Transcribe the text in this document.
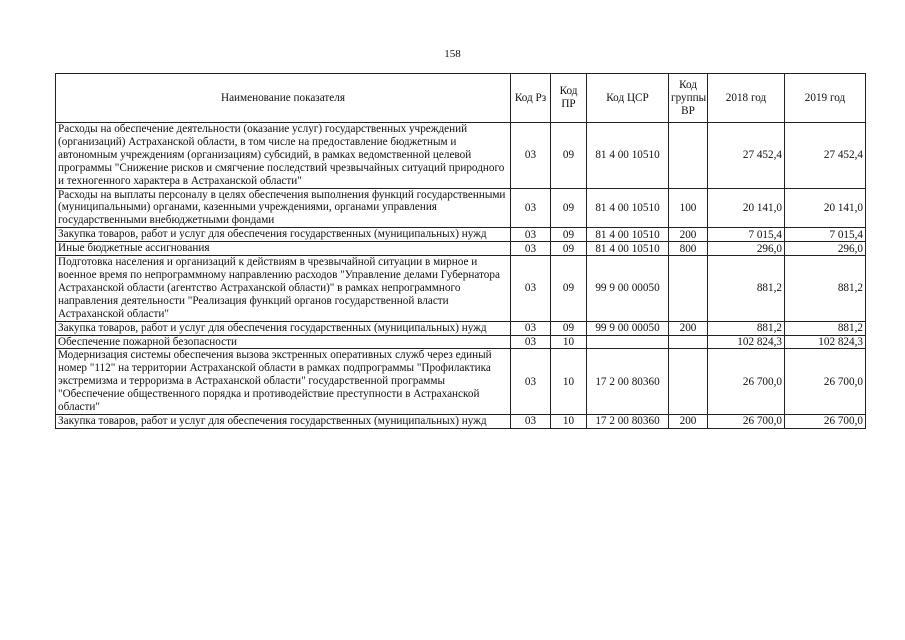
158
Наименование показателя	Код Рз	Код ПР	Код ЦСР	Код группы ВР	2018 год	2019 год
Расходы на обеспечение деятельности (оказание услуг) государственных учреждений (организаций) Астраханской области, в том числе на предоставление бюджетным и автономным учреждениям (организациям) субсидий, в рамках ведомственной целевой программы "Снижение рисков и смягчение последствий чрезвычайных ситуаций природного и техногенного характера в Астраханской области"	03	09	81 4 00 10510		27 452,4	27 452,4
Расходы на выплаты персоналу в целях обеспечения выполнения функций государственными (муниципальными) органами, казенными учреждениями, органами управления государственными внебюджетными фондами	03	09	81 4 00 10510	100	20 141,0	20 141,0
Закупка товаров, работ и услуг для обеспечения государственных (муниципальных) нужд	03	09	81 4 00 10510	200	7 015,4	7 015,4
Иные бюджетные ассигнования	03	09	81 4 00 10510	800	296,0	296,0
Подготовка населения и организаций к действиям в чрезвычайной ситуации в мирное и военное время по непрограммному направлению расходов "Управление делами Губернатора Астраханской области (агентство Астраханской области)" в рамках непрограммного направления деятельности "Реализация функций органов государственной власти Астраханской области"	03	09	99 9 00 00050		881,2	881,2
Закупка товаров, работ и услуг для обеспечения государственных (муниципальных) нужд	03	09	99 9 00 00050	200	881,2	881,2
Обеспечение пожарной безопасности	03	10			102 824,3	102 824,3
Модернизация системы обеспечения вызова экстренных оперативных служб через единый номер "112" на территории Астраханской области в рамках подпрограммы "Профилактика экстремизма и терроризма в Астраханской области" государственной программы "Обеспечение общественного порядка и противодействие преступности в Астраханской области"	03	10	17 2 00 80360		26 700,0	26 700,0
Закупка товаров, работ и услуг для обеспечения государственных (муниципальных) нужд	03	10	17 2 00 80360	200	26 700,0	26 700,0
